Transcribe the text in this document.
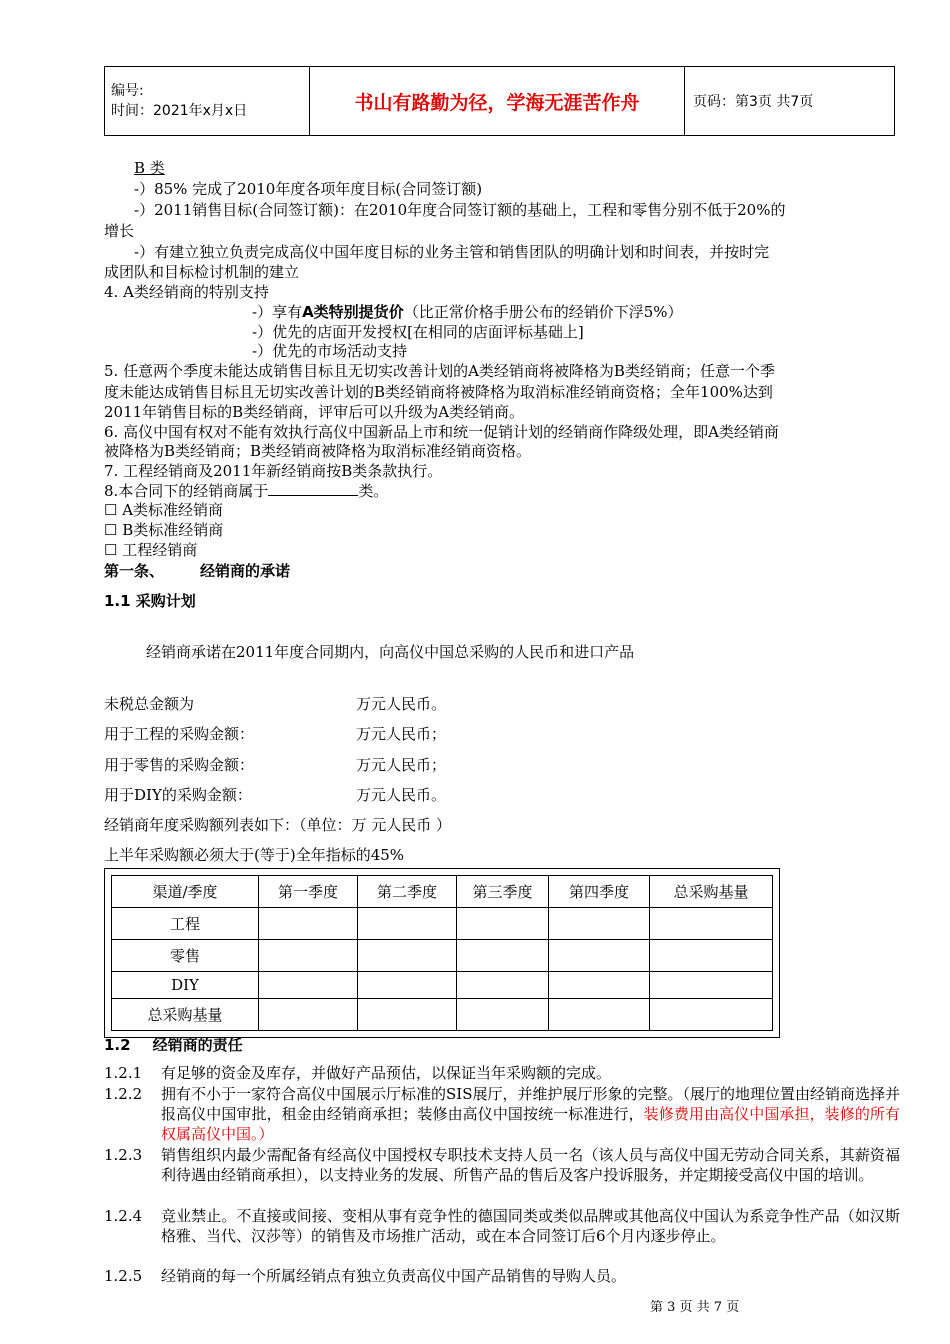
编号:
时间：2021年x月x日	书山有路勤为径，学海无涯苦作舟	页码：第3页 共7页
B 类
-）85% 完成了2010年度各项年度目标(合同签订额)
-）2011销售目标(合同签订额)：在2010年度合同签订额的基础上，工程和零售分别不低于20%的
增长
-）有建立独立负责完成高仪中国年度目标的业务主管和销售团队的明确计划和时间表，并按时完
成团队和目标检讨机制的建立
4. A类经销商的特别支持
-）享有A类特别提货价（比正常价格手册公布的经销价下浮5%）
-）优先的店面开发授权[在相同的店面评标基础上]
-）优先的市场活动支持
5. 任意两个季度未能达成销售目标且无切实改善计划的A类经销商将被降格为B类经销商；任意一个季
度未能达成销售目标且无切实改善计划的B类经销商将被降格为取消标准经销商资格；全年100%达到
2011年销售目标的B类经销商，评审后可以升级为A类经销商。
6. 高仪中国有权对不能有效执行高仪中国新品上市和统一促销计划的经销商作降级处理，即A类经销商
被降格为B类经销商；B类经销商被降格为取消标准经销商资格。
7. 工程经销商及2011年新经销商按B类条款执行。
8.本合同下的经销商属于	类。
☐ A类标准经销商
☐ B类标准经销商
☐ 工程经销商
第一条、 经销商的承诺
1.1 采购计划
经销商承诺在2011年度合同期内，向高仪中国总采购的人民币和进口产品
未税总金额为	万元人民币。
用于工程的采购金额：	万元人民币；
用于零售的采购金额：	万元人民币；
用于DIY的采购金额：	万元人民币。
经销商年度采购额列表如下：（单位：万 元人民币 ）
上半年采购额必须大于(等于)全年指标的45%
渠道/季度	第一季度	第二季度	第三季度	第四季度	总采购基量
工程					
零售					
DIY					
总采购基量					
1.2 经销商的责任
1.2.1 有足够的资金及库存，并做好产品预估，以保证当年采购额的完成。
1.2.2 拥有不小于一家符合高仪中国展示厅标准的SIS展厅，并维护展厅形象的完整。（展厅的地理位置由经销商选择并报高仪中国审批，租金由经销商承担；装修由高仪中国按统一标准进行，装修费用由高仪中国承担，装修的所有权属高仪中国。）
1.2.3 销售组织内最少需配备有经高仪中国授权专职技术支持人员一名（该人员与高仪中国无劳动合同关系，其薪资福利待遇由经销商承担），以支持业务的发展、所售产品的售后及客户投诉服务，并定期接受高仪中国的培训。
1.2.4 竞业禁止。不直接或间接、变相从事有竞争性的德国同类或类似品牌或其他高仪中国认为系竞争性产品（如汉斯格雅、当代、汉莎等）的销售及市场推广活动，或在本合同签订后6个月内逐步停止。
1.2.5 经销商的每一个所属经销点有独立负责高仪中国产品销售的导购人员。
第 3 页 共 7 页
